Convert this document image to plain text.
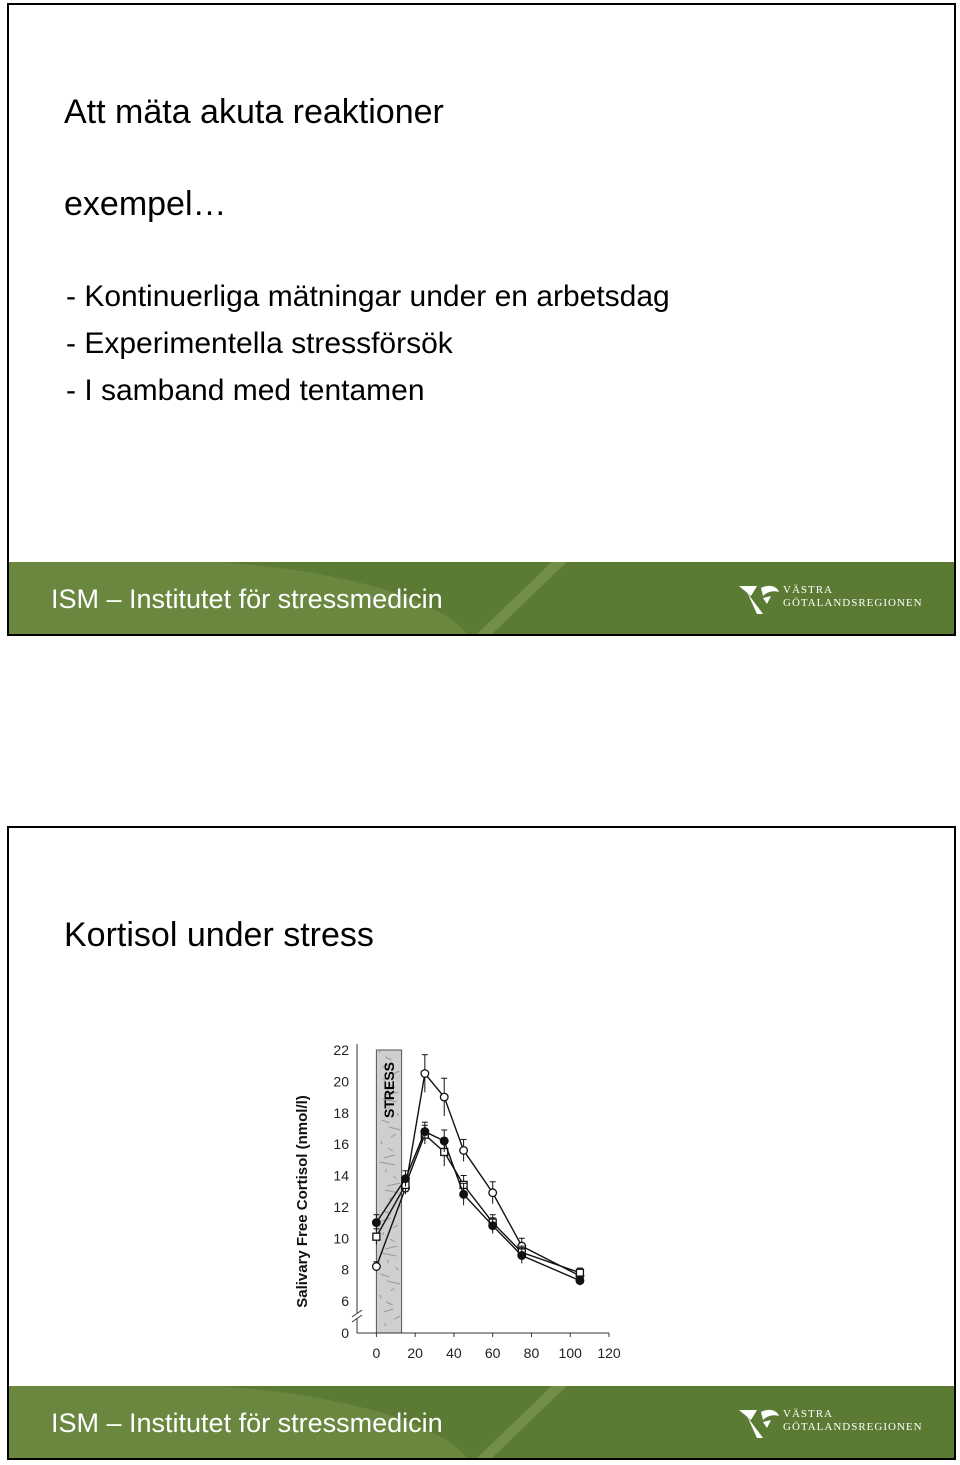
Att mäta akuta reaktioner
exempel…
- Kontinuerliga mätningar under en arbetsdag
- Experimentella stressförsök
- I samband med tentamen
ISM – Institutet för stressmedicin	VÄSTRA
GÖTALANDSREGIONEN
Kortisol under stress
STRESS
0
6
8
10
12
14
16
18
20
22
0 20 40 60 80 100 120
Salivary Free Cortisol (nmol/l)
ISM – Institutet för stressmedicin	VÄSTRA
GÖTALANDSREGIONEN
